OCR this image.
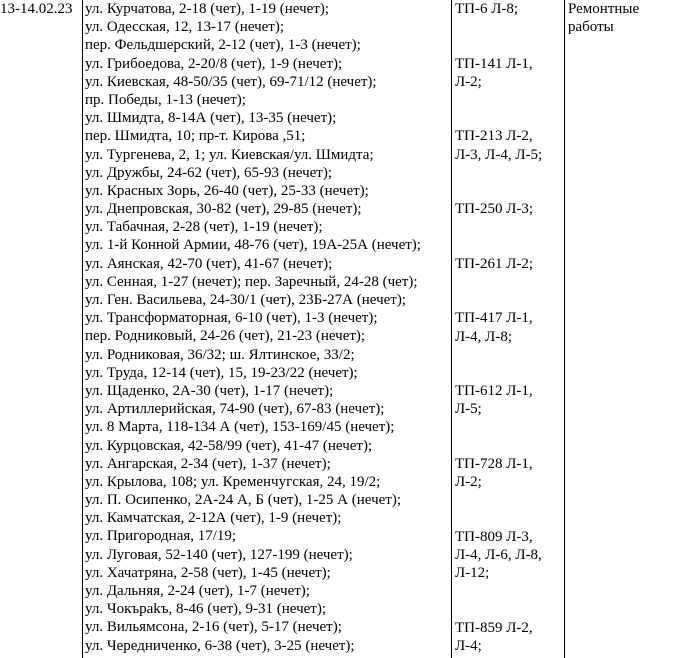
13-14.02.23 ул. Курчатова, 2-18 (чет), 1-19 (нечет);
ул. Одесская, 12, 13-17 (нечет);
пер. Фельдшерский, 2-12 (чет), 1-3 (нечет);
ул. Грибоедова, 2-20/8 (чет), 1-9 (нечет);
ул. Киевская, 48-50/35 (чет), 69-71/12 (нечет);
пр. Победы, 1-13 (нечет);
ул. Шмидта, 8-14А (чет), 13-35 (нечет);
пер. Шмидта, 10; пр-т. Кирова ,51;
ул. Тургенева, 2, 1; ул. Киевская/ул. Шмидта;
ул. Дружбы, 24-62 (чет), 65-93 (нечет);
ул. Красных Зорь, 26-40 (чет), 25-33 (нечет);
ул. Днепровская, 30-82 (чет), 29-85 (нечет);
ул. Табачная, 2-28 (чет), 1-19 (нечет);
ул. 1-й Конной Армии, 48-76 (чет), 19А-25А (нечет);
ул. Аянская, 42-70 (чет), 41-67 (нечет);
ул. Сенная, 1-27 (нечет); пер. Заречный, 24-28 (чет);
ул. Ген. Васильева, 24-30/1 (чет), 23Б-27А (нечет);
ул. Трансформаторная, 6-10 (чет), 1-3 (нечет);
пер. Родниковый, 24-26 (чет), 21-23 (нечет);
ул. Родниковая, 36/32; ш. Ялтинское, 33/2;
ул. Труда, 12-14 (чет), 15, 19-23/22 (нечет);
ул. Щаденко, 2А-30 (чет), 1-17 (нечет);
ул. Артиллерийская, 74-90 (чет), 67-83 (нечет);
ул. 8 Марта, 118-134 А (чет), 153-169/45 (нечет);
ул. Курцовская, 42-58/99 (чет), 41-47 (нечет);
ул. Ангарская, 2-34 (чет), 1-37 (нечет);
ул. Крылова, 108; ул. Кременчугская, 24, 19/2;
ул. П. Осипенко, 2А-24 А, Б (чет), 1-25 А (нечет);
ул. Камчатская, 2-12А (чет), 1-9 (нечет);
ул. Пригородная, 17/19;
ул. Луговая, 52-140 (чет), 127-199 (нечет);
ул. Хачатряна, 2-58 (чет), 1-45 (нечет);
ул. Дальняя, 2-24 (чет), 1-7 (нечет);
ул. Чокърakъ, 8-46 (чет), 9-31 (нечет);
ул. Вильямсона, 2-16 (чет), 5-17 (нечет);
ул. Чередниченко, 6-38 (чет), 3-25 (нечет);
ТП-6 Л-8;
ТП-141 Л-1,
Л-2;
ТП-213 Л-2,
Л-3, Л-4, Л-5;
ТП-250 Л-3;
ТП-261 Л-2;
ТП-417 Л-1,
Л-4, Л-8;
ТП-612 Л-1,
Л-5;
ТП-728 Л-1,
Л-2;
ТП-809 Л-3,
Л-4, Л-6, Л-8,
Л-12;
ТП-859 Л-2,
Л-4;
Ремонтные
работы
